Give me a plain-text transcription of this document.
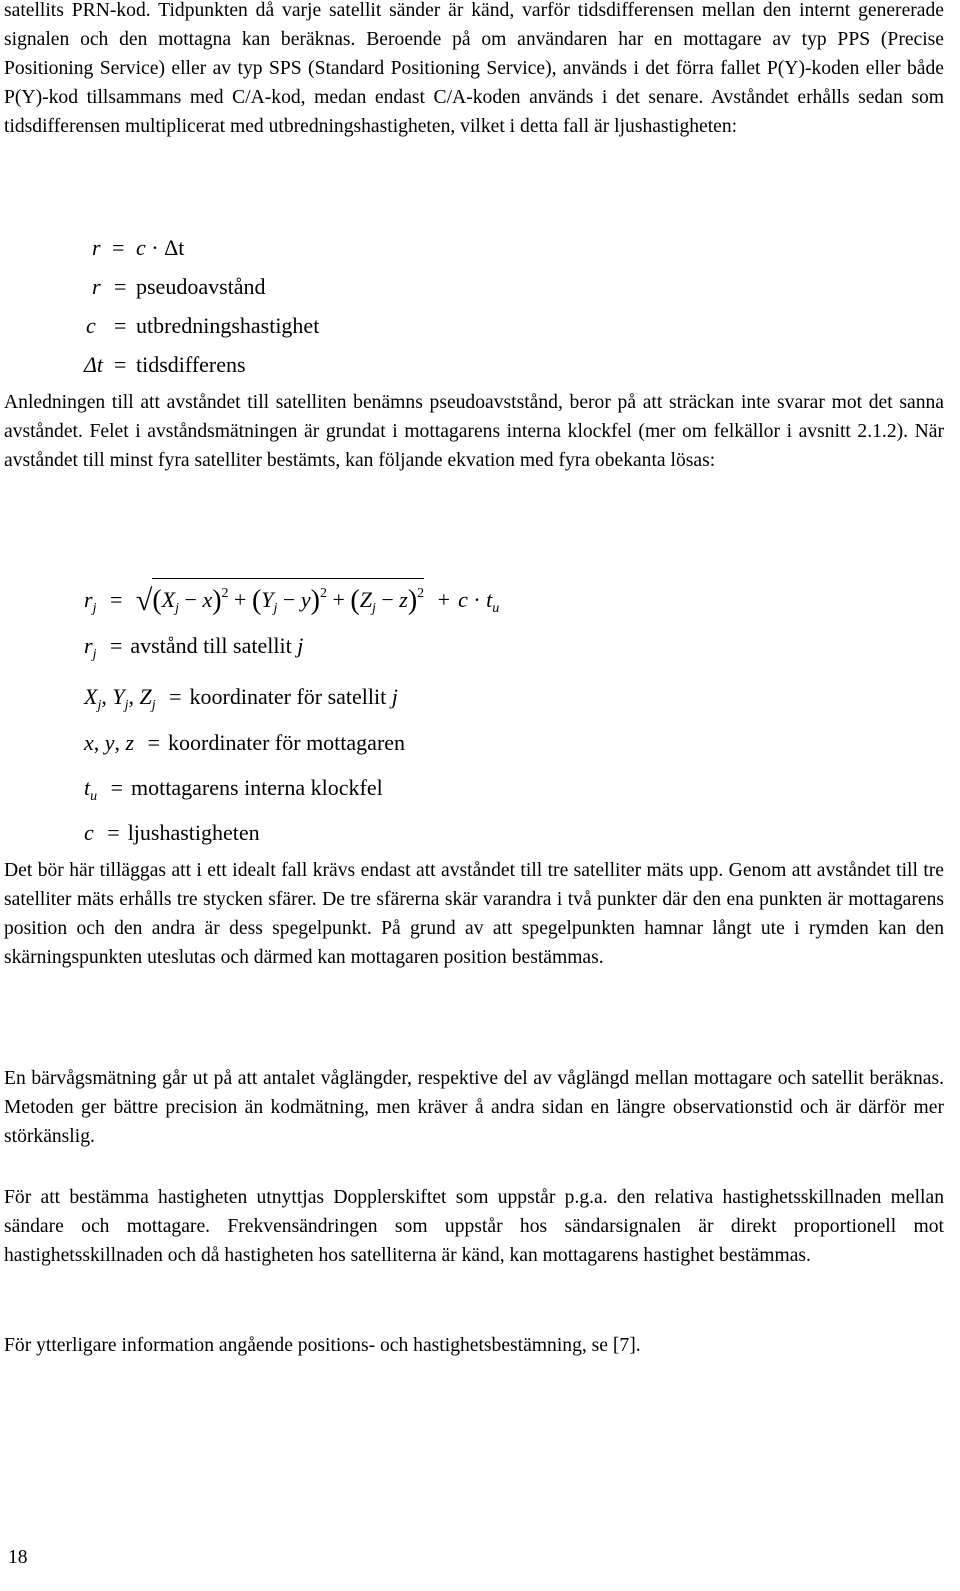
satellits PRN-kod. Tidpunkten då varje satellit sänder är känd, varför tidsdifferensen mellan den internt genererade signalen och den mottagna kan beräknas. Beroende på om användaren har en mottagare av typ PPS (Precise Positioning Service) eller av typ SPS (Standard Positioning Service), används i det förra fallet P(Y)-koden eller både P(Y)-kod tillsammans med C/A-kod, medan endast C/A-koden används i det senare. Avståndet erhålls sedan som tidsdifferensen multiplicerat med utbredningshastigheten, vilket i detta fall är ljushastigheten:

r = c · Δt
r = pseudoavstånd
c = utbredningshastighet
Δt = tidsdifferens

Anledningen till att avståndet till satelliten benämns pseudoavststånd, beror på att sträckan inte svarar mot det sanna avståndet. Felet i avståndsmätningen är grundat i mottagarens interna klockfel (mer om felkällor i avsnitt 2.1.2). När avståndet till minst fyra satelliter bestämts, kan följande ekvation med fyra obekanta lösas:

$r_j = √(X_j - x)^2 + (Y_j - y)^2 + (Z_j - z)^2 + c \cdot t_u$
$r_j$ = avstånd till satellit j
$X_j$, $Y_j$, $Z_j$ = koordinater för satellit j
x, y, z = koordinater för mottagaren
$t_u$ = mottagarens interna klockfel
c = ljushastigheten

Det bör här tilläggas att i ett idealt fall krävs endast att avståndet till tre satelliter mäts upp. Genom att avståndet till tre satelliter mäts erhålls tre stycken sfärer. De tre sfärerna skär varandra i två punkter där den ena punkten är mottagarens position och den andra är dess spegelpunkt. På grund av att spegelpunkten hamnar långt ute i rymden kan den skärningspunkten uteslutas och därmed kan mottagaren position bestämmas.

En bärvågsmätning går ut på att antalet våglängder, respektive del av våglängd mellan mottagare och satellit beräknas. Metoden ger bättre precision än kodmätning, men kräver å andra sidan en längre observationstid och är därför mer störkänslig.

För att bestämma hastigheten utnyttjas Dopplerskiftet som uppstår p.g.a. den relativa hastighetsskillnaden mellan sändare och mottagare. Frekvensändringen som uppstår hos sändarsignalen är direkt proportionell mot hastighetsskillnaden och då hastigheten hos satelliterna är känd, kan mottagarens hastighet bestämmas.

För ytterligare information angående positions- och hastighetsbestämning, se [7].

18
